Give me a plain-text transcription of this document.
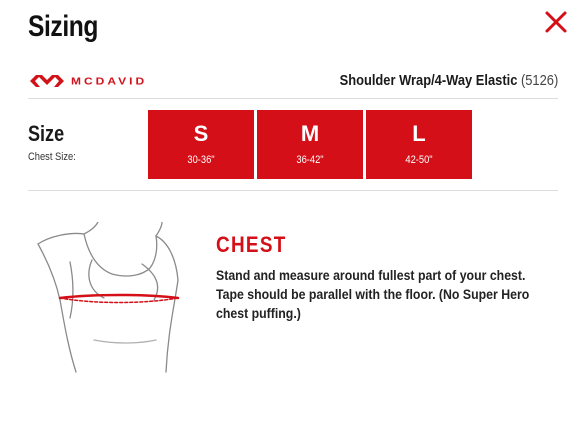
Sizing
MCDAVID	Shoulder Wrap/4-Way Elastic (5126)
Size
Chest Size:
S
30-36"
M
36-42"
L
42-50"
CHEST
Stand and measure around fullest part of your chest. Tape should be parallel with the floor. (No Super Hero chest puffing.)
